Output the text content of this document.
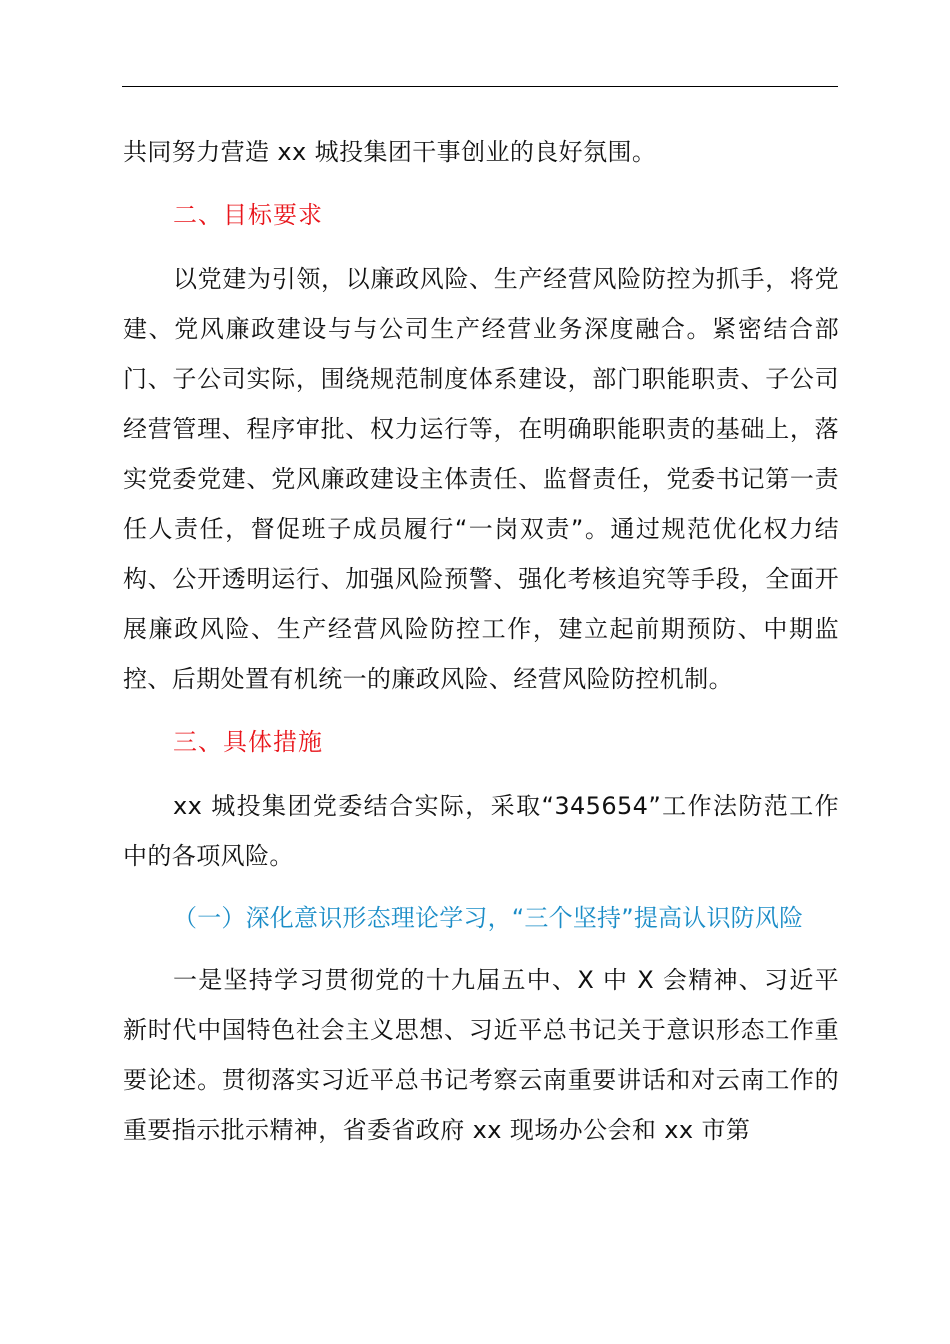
共同努力营造 xx 城投集团干事创业的良好氛围。

二、目标要求

以党建为引领，以廉政风险、生产经营风险防控为抓手，将党建、党风廉政建设与与公司生产经营业务深度融合。紧密结合部门、子公司实际，围绕规范制度体系建设，部门职能职责、子公司经营管理、程序审批、权力运行等，在明确职能职责的基础上，落实党委党建、党风廉政建设主体责任、监督责任，党委书记第一责任人责任，督促班子成员履行“一岗双责”。通过规范优化权力结构、公开透明运行、加强风险预警、强化考核追究等手段，全面开展廉政风险、生产经营风险防控工作，建立起前期预防、中期监控、后期处置有机统一的廉政风险、经营风险防控机制。

三、具体措施

xx 城投集团党委结合实际，采取“345654”工作法防范工作中的各项风险。

（一）深化意识形态理论学习，“三个坚持”提高认识防风险

一是坚持学习贯彻党的十九届五中、X 中 X 会精神、习近平新时代中国特色社会主义思想、习近平总书记关于意识形态工作重要论述。贯彻落实习近平总书记考察云南重要讲话和对云南工作的重要指示批示精神，省委省政府 xx 现场办公会和 xx 市第
